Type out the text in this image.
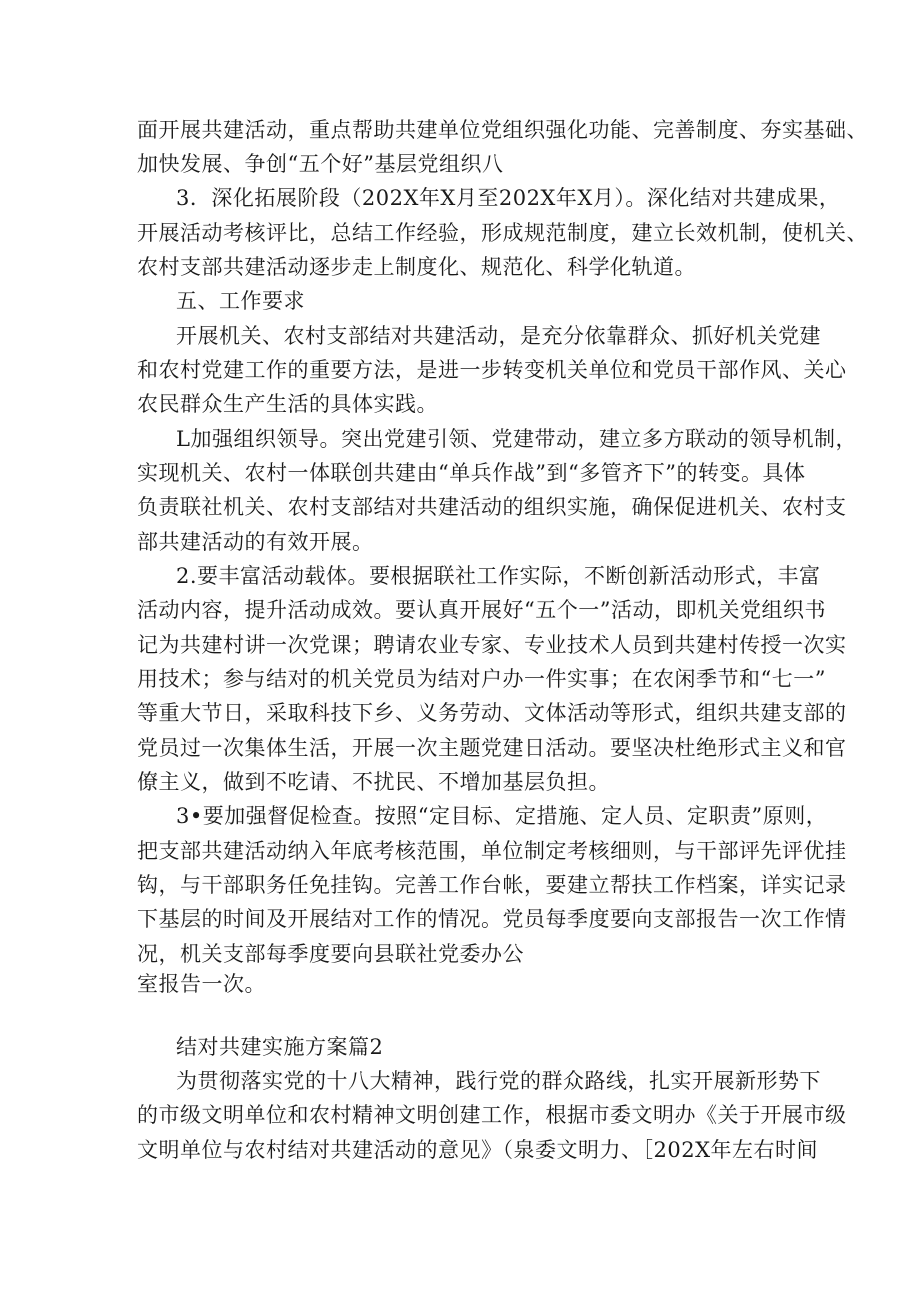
面开展共建活动，重点帮助共建单位党组织强化功能、完善制度、夯实基础、
加快发展、争创“五个好”基层党组织八
3．深化拓展阶段（202X年X月至202X年X月）。深化结对共建成果，
开展活动考核评比，总结工作经验，形成规范制度，建立长效机制，使机关、
农村支部共建活动逐步走上制度化、规范化、科学化轨道。
五、工作要求
开展机关、农村支部结对共建活动，是充分依靠群众、抓好机关党建
和农村党建工作的重要方法，是进一步转变机关单位和党员干部作风、关心
农民群众生产生活的具体实践。
L加强组织领导。突出党建引领、党建带动，建立多方联动的领导机制，
实现机关、农村一体联创共建由“单兵作战”到“多管齐下”的转变。具体
负责联社机关、农村支部结对共建活动的组织实施，确保促进机关、农村支
部共建活动的有效开展。
2.要丰富活动载体。要根据联社工作实际，不断创新活动形式，丰富
活动内容，提升活动成效。要认真开展好“五个一”活动，即机关党组织书
记为共建村讲一次党课；聘请农业专家、专业技术人员到共建村传授一次实
用技术；参与结对的机关党员为结对户办一件实事；在农闲季节和“七一”
等重大节日，采取科技下乡、义务劳动、文体活动等形式，组织共建支部的
党员过一次集体生活，开展一次主题党建日活动。要坚决杜绝形式主义和官
僚主义，做到不吃请、不扰民、不增加基层负担。
3•要加强督促检查。按照“定目标、定措施、定人员、定职责”原则，
把支部共建活动纳入年底考核范围，单位制定考核细则，与干部评先评优挂
钩，与干部职务任免挂钩。完善工作台帐，要建立帮扶工作档案，详实记录
下基层的时间及开展结对工作的情况。党员每季度要向支部报告一次工作情
况，机关支部每季度要向县联社党委办公
室报告一次。
结对共建实施方案篇2
为贯彻落实党的十八大精神，践行党的群众路线，扎实开展新形势下
的市级文明单位和农村精神文明创建工作，根据市委文明办《关于开展市级
文明单位与农村结对共建活动的意见》（泉委文明力、［202X年左右时间
